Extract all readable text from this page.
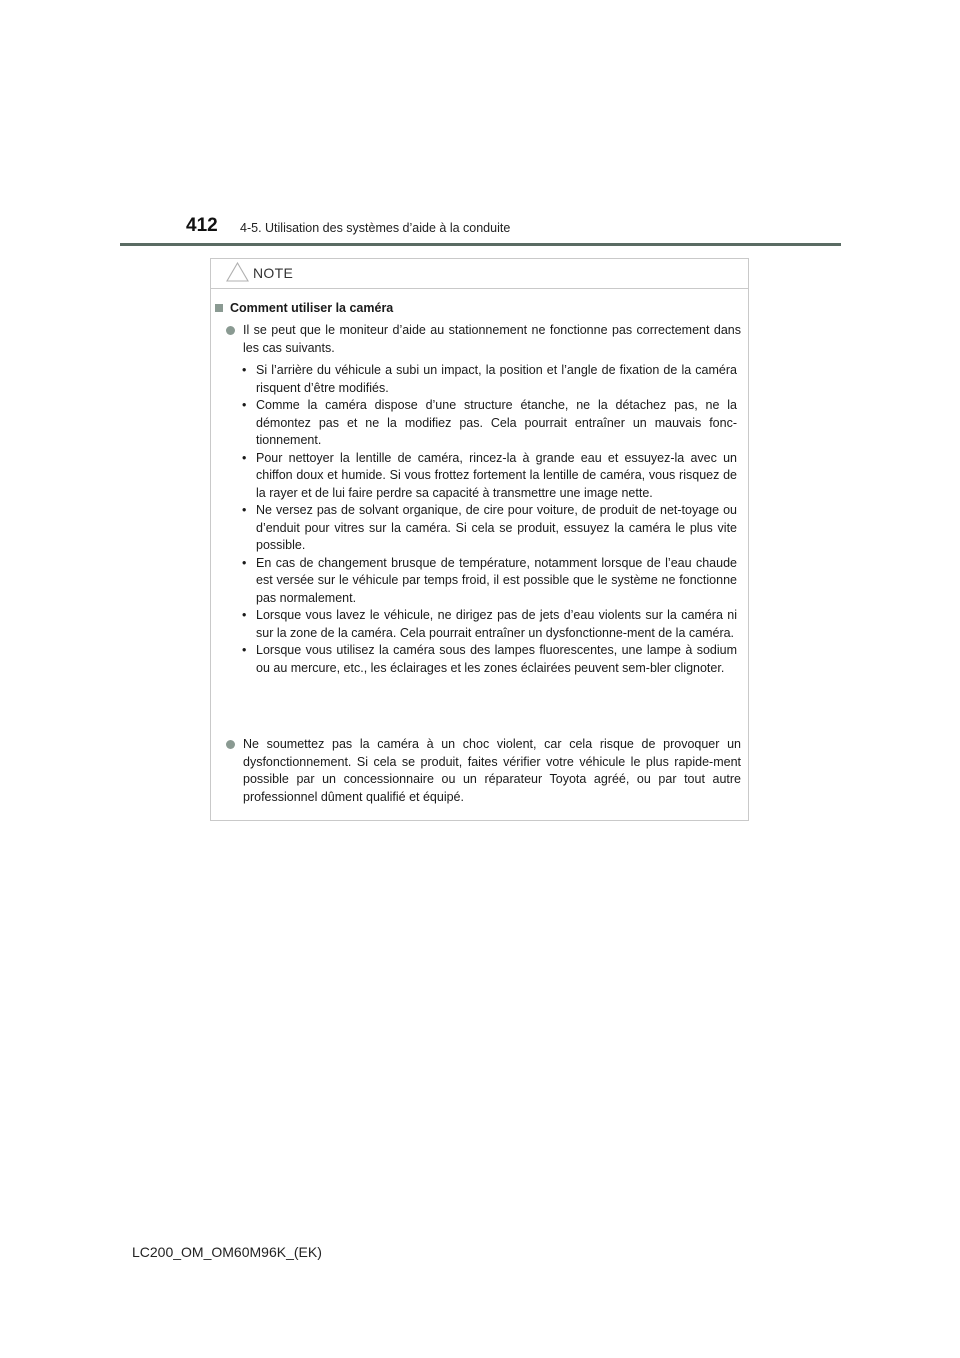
412 4-5. Utilisation des systèmes d’aide à la conduite
NOTE
Comment utiliser la caméra
Il se peut que le moniteur d’aide au stationnement ne fonctionne pas correctement dans les cas suivants.
• Si l’arrière du véhicule a subi un impact, la position et l’angle de fixation de la caméra risquent d’être modifiés.
• Comme la caméra dispose d’une structure étanche, ne la détachez pas, ne la démontez pas et ne la modifiez pas. Cela pourrait entraîner un mauvais fonc-tionnement.
• Pour nettoyer la lentille de caméra, rincez-la à grande eau et essuyez-la avec un chiffon doux et humide. Si vous frottez fortement la lentille de caméra, vous risquez de la rayer et de lui faire perdre sa capacité à transmettre une image nette.
• Ne versez pas de solvant organique, de cire pour voiture, de produit de net-toyage ou d’enduit pour vitres sur la caméra. Si cela se produit, essuyez la caméra le plus vite possible.
• En cas de changement brusque de température, notamment lorsque de l’eau chaude est versée sur le véhicule par temps froid, il est possible que le système ne fonctionne pas normalement.
• Lorsque vous lavez le véhicule, ne dirigez pas de jets d’eau violents sur la caméra ni sur la zone de la caméra. Cela pourrait entraîner un dysfonctionne-ment de la caméra.
• Lorsque vous utilisez la caméra sous des lampes fluorescentes, une lampe à sodium ou au mercure, etc., les éclairages et les zones éclairées peuvent sem-bler clignoter.
Ne soumettez pas la caméra à un choc violent, car cela risque de provoquer un dysfonctionnement. Si cela se produit, faites vérifier votre véhicule le plus rapide-ment possible par un concessionnaire ou un réparateur Toyota agréé, ou par tout autre professionnel dûment qualifié et équipé.
LC200_OM_OM60M96K_(EK)
